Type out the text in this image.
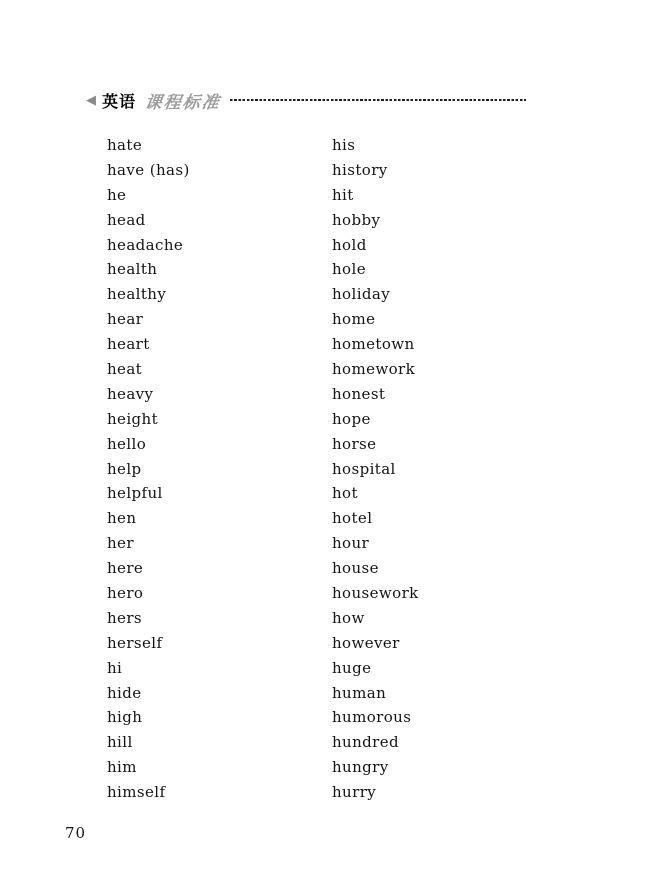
◀ 英语 课程标准
hate
have (has)
he
head
headache
health
healthy
hear
heart
heat
heavy
height
hello
help
helpful
hen
her
here
hero
hers
herself
hi
hide
high
hill
him
himself
his
history
hit
hobby
hold
hole
holiday
home
hometown
homework
honest
hope
horse
hospital
hot
hotel
hour
house
housework
how
however
huge
human
humorous
hundred
hungry
hurry
70
